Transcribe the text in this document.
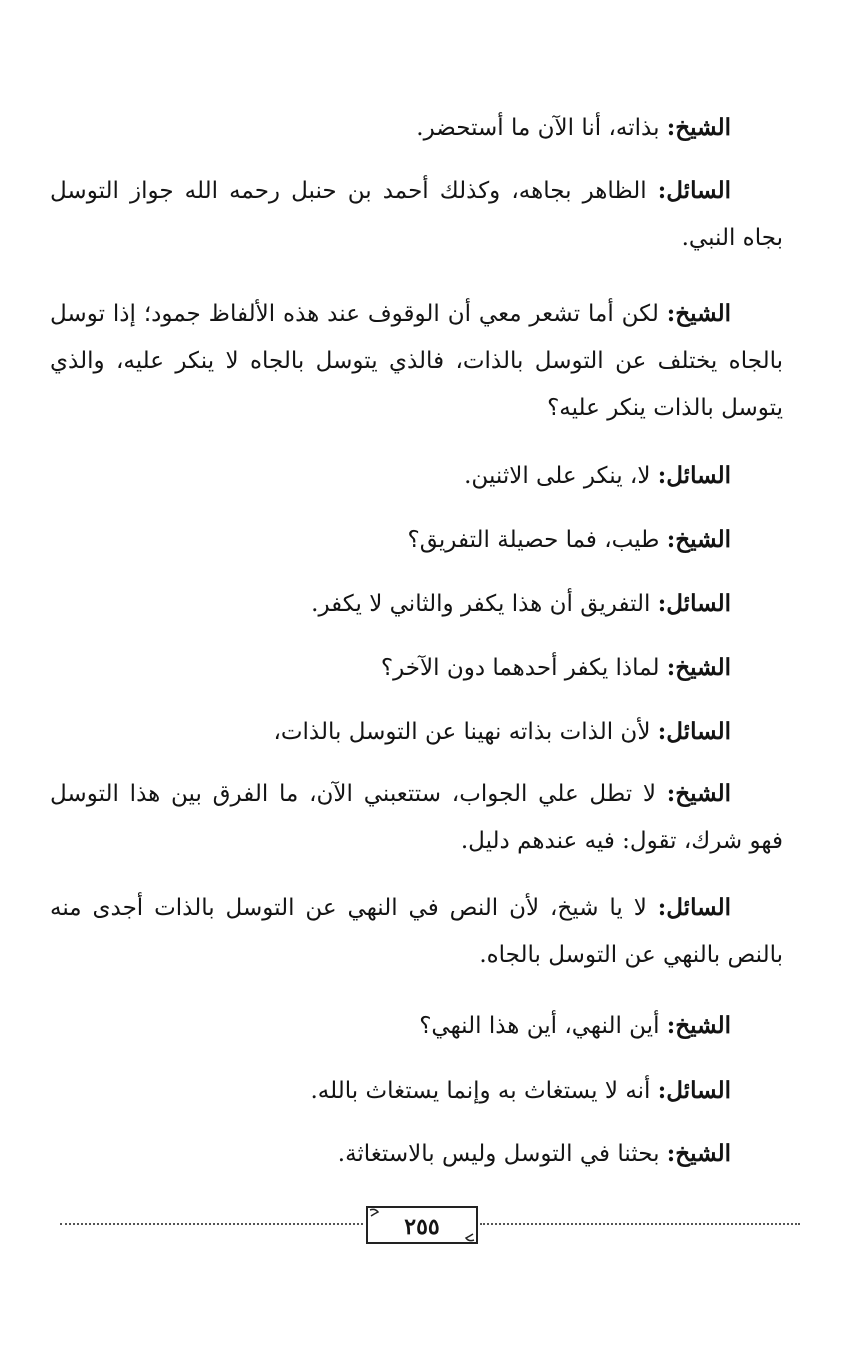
الشيخ: بذاته، أنا الآن ما أستحضر.

السائل: الظاهر بجاهه، وكذلك أحمد بن حنبل رحمه الله جواز التوسل بجاه النبي.

الشيخ: لكن أما تشعر معي أن الوقوف عند هذه الألفاظ جمود؛ إذا توسل بالجاه يختلف عن التوسل بالذات، فالذي يتوسل بالجاه لا ينكر عليه، والذي يتوسل بالذات ينكر عليه؟

السائل: لا، ينكر على الاثنين.

الشيخ: طيب، فما حصيلة التفريق؟

السائل: التفريق أن هذا يكفر والثاني لا يكفر.

الشيخ: لماذا يكفر أحدهما دون الآخر؟

السائل: لأن الذات بذاته نهينا عن التوسل بالذات،

الشيخ: لا تطل علي الجواب، ستتعبني الآن، ما الفرق بين هذا التوسل فهو شرك، تقول: فيه عندهم دليل.

السائل: لا يا شيخ، لأن النص في النهي عن التوسل بالذات أجدى منه بالنص بالنهي عن التوسل بالجاه.

الشيخ: أين النهي، أين هذا النهي؟

السائل: أنه لا يستغاث به وإنما يستغاث بالله.

الشيخ: بحثنا في التوسل وليس بالاستغاثة.

٢٥٥
